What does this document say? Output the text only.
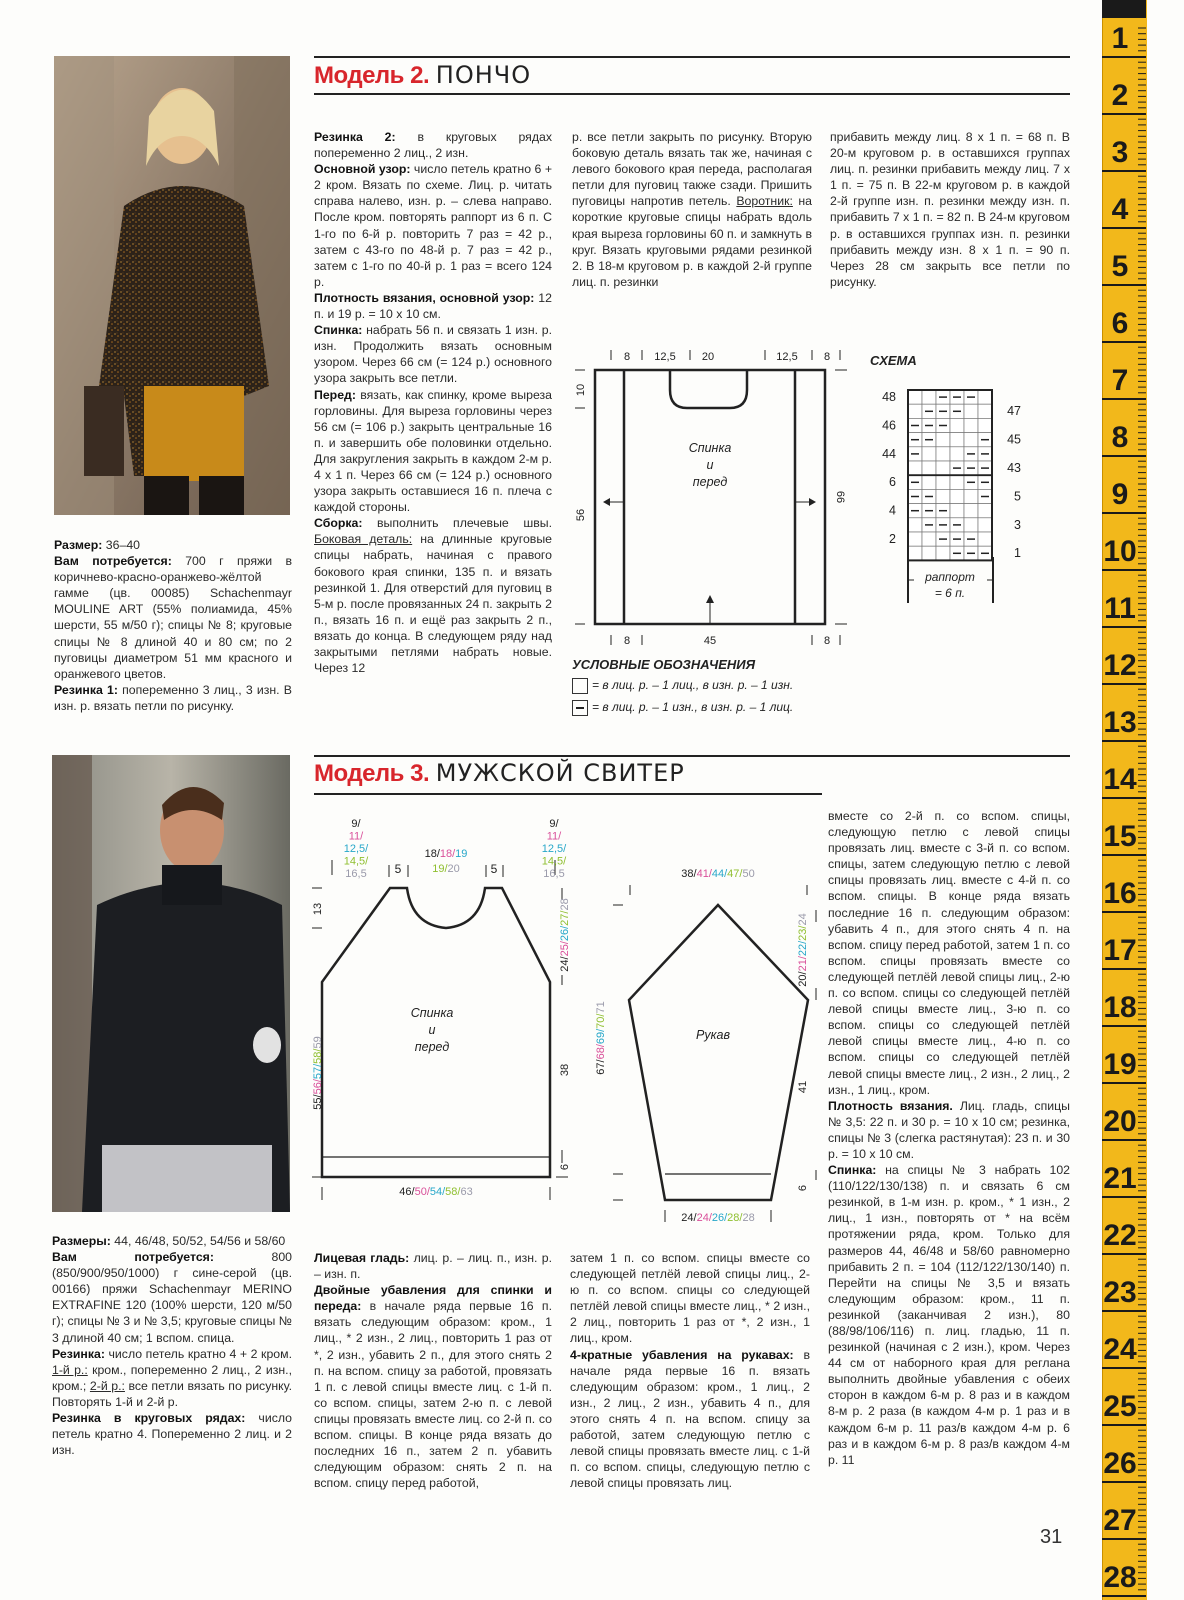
1
2
3
4
5
6
7
8
9
10
11
12
13
14
15
16
17
18
19
20
21
22
23
24
25
26
27
28
Модель 2. ПОНЧО

Размер: 36–40

Вам потребуется: 700 г пряжи в коричнево-красно-оранжево-жёлтой гамме (цв. 00085) Schachenmayr MOULINE ART (55% полиамида, 45% шерсти, 55 м/50 г); спицы № 8; круговые спицы № 8 длиной 40 и 80 см; по 2 пуговицы диаметром 51 мм красного и оранжевого цветов.

Резинка 1: попеременно 3 лиц., 3 изн. В изн. р. вязать петли по рисунку.

Резинка 2: в круговых рядах попеременно 2 лиц., 2 изн.

Основной узор: число петель кратно 6 + 2 кром. Вязать по схеме. Лиц. р. читать справа налево, изн. р. – слева направо. После кром. повторять раппорт из 6 п. С 1-го по 6-й р. повторить 7 раз = 42 р., затем с 43-го по 48-й р. 7 раз = 42 р., затем с 1-го по 40-й р. 1 раз = всего 124 р.

Плотность вязания, основной узор: 12 п. и 19 р. = 10 х 10 см.

Спинка: набрать 56 п. и связать 1 изн. р. изн. Продолжить вязать основным узором. Через 66 см (= 124 р.) основного узора закрыть все петли.

Перед: вязать, как спинку, кроме выреза горловины. Для выреза горловины через 56 см (= 106 р.) закрыть центральные 16 п. и завершить обе половинки отдельно. Для закругления закрыть в каждом 2-м р. 4 х 1 п. Через 66 см (= 124 р.) основного узора закрыть оставшиеся 16 п. плеча с каждой стороны.

Сборка: выполнить плечевые швы. Боковая деталь: на длинные круговые спицы набрать, начиная с правого бокового края спинки, 135 п. и вязать резинкой 1. Для отверстий для пуговиц в 5-м р. после провязанных 24 п. закрыть 2 п., вязать 16 п. и ещё раз закрыть 2 п., вязать до конца. В следующем ряду над закрытыми петлями набрать новые. Через 12

р. все петли закрыть по рисунку. Вторую боковую деталь вязать так же, начиная с левого бокового края переда, располагая петли для пуговиц также сзади. Пришить пуговицы напротив петель. Воротник: на короткие круговые спицы набрать вдоль края выреза горловины 60 п. и замкнуть в круг. Вязать круговыми рядами резинкой 2. В 18-м круговом р. в каждой 2-й группе лиц. п. резинки

прибавить между лиц. 8 х 1 п. = 68 п. В 20-м круговом р. в оставшихся группах лиц. п. резинки прибавить между лиц. 7 х 1 п. = 75 п. В 22-м круговом р. в каждой 2-й группе изн. п. резинки между изн. п. прибавить 7 х 1 п. = 82 п. В 24-м круговом р. в оставшихся группах изн. п. резинки прибавить между изн. 8 х 1 п. = 90 п. Через 28 см закрыть все петли по рисунку.

8 12,5 20	12,5 8
8	45	8
10
56
66
Спинка
и
перед
СХЕМА
48
46
44
6
4
2
47
45
43
5
3
1
раппорт
= 6 п.
УСЛОВНЫЕ ОБОЗНАЧЕНИЯ
= в лиц. р. – 1 лиц., в изн. р. – 1 изн.
= в лиц. р. – 1 изн., в изн. р. – 1 лиц.
Модель 3. МУЖСКОЙ СВИТЕР

Размеры: 44, 46/48, 50/52, 54/56 и 58/60

Вам потребуется: 800 (850/900/950/1000) г сине-серой (цв. 00166) пряжи Schachenmayr MERINO EXTRAFINE 120 (100% шерсти, 120 м/50 г); спицы № 3 и № 3,5; круговые спицы № 3 длиной 40 см; 1 вспом. спица.

Резинка: число петель кратно 4 + 2 кром. 1-й р.: кром., попеременно 2 лиц., 2 изн., кром.; 2-й р.: все петли вязать по рисунку. Повторять 1-й и 2-й р.

Резинка в круговых рядах: число петель кратно 4. Попеременно 2 лиц. и 2 изн.

Лицевая гладь: лиц. р. – лиц. п., изн. р. – изн. п.

Двойные убавления для спинки и переда: в начале ряда первые 16 п. вязать следующим образом: кром., 1 лиц., * 2 изн., 2 лиц., повторить 1 раз от *, 2 изн., убавить 2 п., для этого снять 2 п. на вспом. спицу за работой, провязать 1 п. с левой спицы вместе лиц. с 1-й п. со вспом. спицы, затем 2-ю п. с левой спицы провязать вместе лиц. со 2-й п. со вспом. спицы. В конце ряда вязать до последних 16 п., затем 2 п. убавить следующим образом: снять 2 п. на вспом. спицу перед работой,

затем 1 п. со вспом. спицы вместе со следующей петлёй левой спицы лиц., 2-ю п. со вспом. спицы со следующей петлёй левой спицы вместе лиц., * 2 изн., 2 лиц., повторить 1 раз от *, 2 изн., 1 лиц., кром.

4-кратные убавления на рукавах: в начале ряда первые 16 п. вязать следующим образом: кром., 1 лиц., 2 изн., 2 лиц., 2 изн., убавить 4 п., для этого снять 4 п. на вспом. спицу за работой, затем следующую петлю с левой спицы провязать вместе лиц. с 1-й п. со вспом. спицы, следующую петлю с левой спицы провязать лиц.

вместе со 2-й п. со вспом. спицы, следующую петлю с левой спицы провязать лиц. вместе с 3-й п. со вспом. спицы, затем следующую петлю с левой спицы провязать лиц. вместе с 4-й п. со вспом. спицы. В конце ряда вязать последние 16 п. следующим образом: убавить 4 п., для этого снять 4 п. на вспом. спицу перед работой, затем 1 п. со вспом. спицы провязать вместе со следующей петлёй левой спицы лиц., 2-ю п. со вспом. спицы со следующей петлёй левой спицы вместе лиц., 3-ю п. со вспом. спицы со следующей петлёй левой спицы вместе лиц., 4-ю п. со вспом. спицы со следующей петлёй левой спицы вместе лиц., 2 изн., 2 лиц., 2 изн., 1 лиц., кром.

Плотность вязания. Лиц. гладь, спицы № 3,5: 22 п. и 30 р. = 10 х 10 см; резинка, спицы № 3 (слегка растянутая): 23 п. и 30 р. = 10 х 10 см.

Спинка: на спицы № 3 набрать 102 (110/122/130/138) п. и связать 6 см резинкой, в 1-м изн. р. кром., * 1 изн., 2 лиц., 1 изн., повторять от * на всём протяжении ряда, кром. Только для размеров 44, 46/48 и 58/60 равномерно прибавить 2 п. = 104 (112/122/130/140) п. Перейти на спицы № 3,5 и вязать следующим образом: кром., 11 п. резинкой (заканчивая 2 изн.), 80 (88/98/106/116) п. лиц. гладью, 11 п. резинкой (начиная с 2 изн.), кром. Через 44 см от наборного края для реглана выполнить двойные убавления с обеих сторон в каждом 6-м р. 8 раз и в каждом 8-м р. 2 раза (в каждом 4-м р. 1 раз и в каждом 6-м р. 11 раз/в каждом 4-м р. 6 раз и в каждом 6-м р. 8 раз/в каждом 4-м р. 11

9/
11/
12,5/
14,5/
16,5
9/
11/
12,5/
14,5/
16,5
18/18/19
19/20
5	5
13
55/56/57/58/59
24/25/26/27/28
38
6
46/50/54/58/63
Спинка
и
перед
38/41/44/47/50
20/21/22/23/24
67/68/69/70/71
41
6
24/24/26/28/28
Рукав
31
